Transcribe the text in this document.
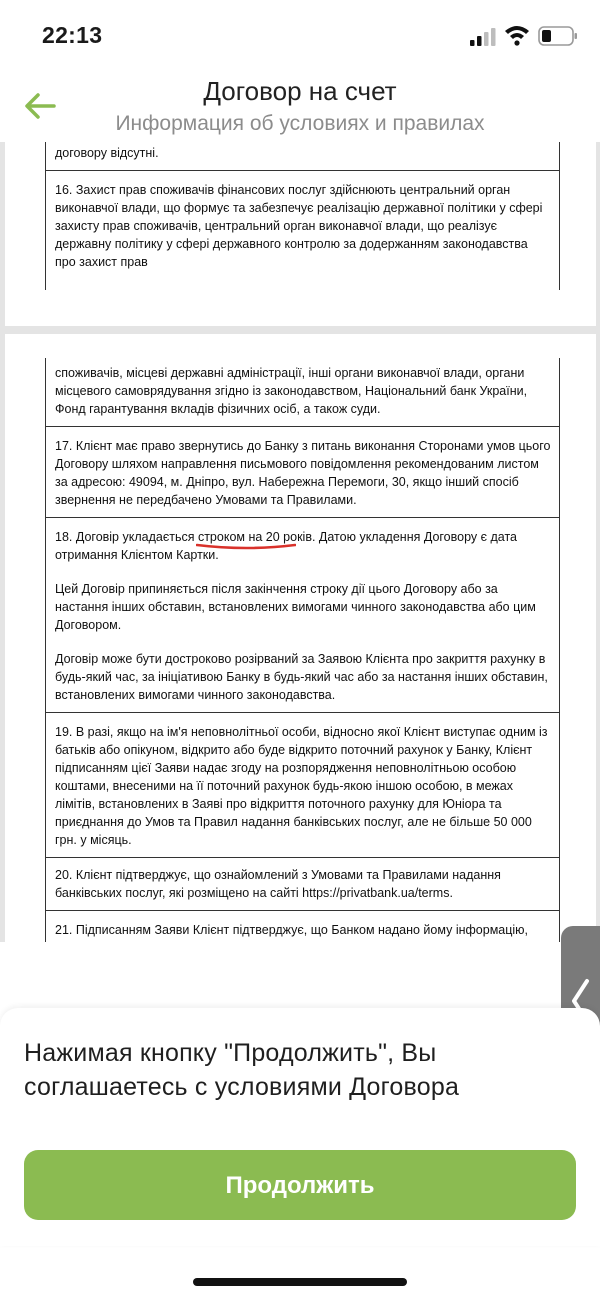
22:13
Договор на счет
Информация об условиях и правилах

договору відсутні.

16. Захист прав споживачів фінансових послуг здійснюють центральний орган виконавчої влади, що формує та забезпечує реалізацію державної політики у сфері захисту прав споживачів, центральний орган виконавчої влади, що реалізує державну політику у сфері державного контролю за додержанням законодавства про захист прав

споживачів, місцеві державні адміністрації, інші органи виконавчої влади, органи місцевого самоврядування згідно із законодавством, Національний банк України, Фонд гарантування вкладів фізичних осіб, а також суди.

17. Клієнт має право звернутись до Банку з питань виконання Сторонами умов цього Договору шляхом направлення письмового повідомлення рекомендованим листом за адресою: 49094, м. Дніпро, вул. Набережна Перемоги, 30, якщо інший спосіб звернення не передбачено Умовами та Правилами.

18. Договір укладається строком на 20 років
. Датою укладення Договору є дата отримання Клієнтом Картки.

Цей Договір припиняється після закінчення строку дії цього Договору або за настання інших обставин, встановлених вимогами чинного законодавства або цим Договором.

Договір може бути достроково розірваний за Заявою Клієнта про закриття рахунку в будь-який час, за ініціативою Банку в будь-який час або за настання інших обставин, встановлених вимогами чинного законодавства.

19. В разі, якщо на ім'я неповнолітньої особи, відносно якої Клієнт виступає одним із батьків або опікуном, відкрито або буде відкрито поточний рахунок у Банку, Клієнт підписанням цієї Заяви надає згоду на розпорядження неповнолітньою особою коштами, внесеними на її поточний рахунок будь-якою іншою особою, в межах лімітів, встановлених в Заяві про відкриття поточного рахунку для Юніора та приєднання до Умов та Правил надання банківських послуг, але не більше 50 000 грн. у місяць.

20. Клієнт підтверджує, що ознайомлений з Умовами та Правилами надання банківських послуг, які розміщено на сайті https://privatbank.ua/terms.

21. Підписанням Заяви Клієнт підтверджує, що Банком надано йому інформацію,

Нажимая кнопку "Продолжить", Вы соглашаетесь с условиями Договора
Продолжить
